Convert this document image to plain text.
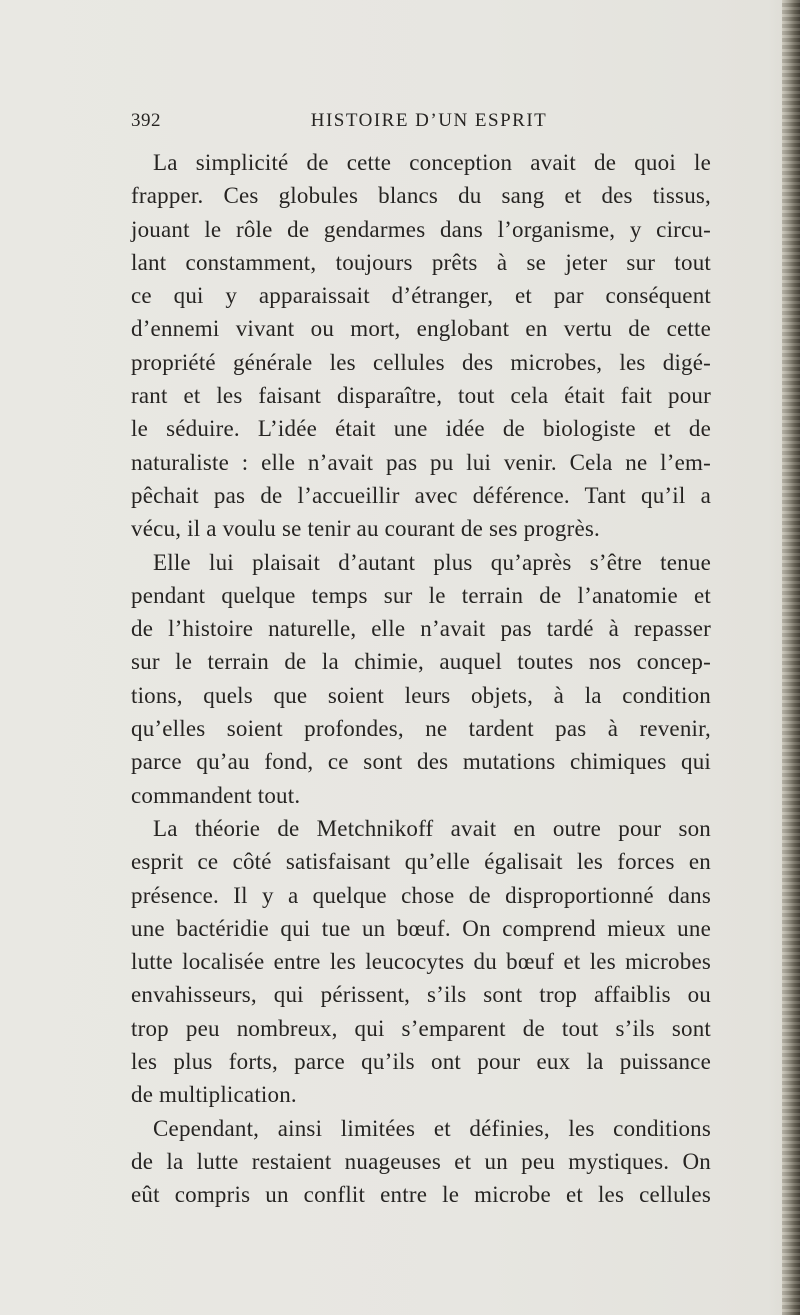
392	HISTOIRE D’UN ESPRIT
La simplicité de cette conception avait de quoi le
frapper. Ces globules blancs du sang et des tissus,
jouant le rôle de gendarmes dans l’organisme, y circu-
lant constamment, toujours prêts à se jeter sur tout
ce qui y apparaissait d’étranger, et par conséquent
d’ennemi vivant ou mort, englobant en vertu de cette
propriété générale les cellules des microbes, les digé-
rant et les faisant disparaître, tout cela était fait pour
le séduire. L’idée était une idée de biologiste et de
naturaliste : elle n’avait pas pu lui venir. Cela ne l’em-
pêchait pas de l’accueillir avec déférence. Tant qu’il a
vécu, il a voulu se tenir au courant de ses progrès.
Elle lui plaisait d’autant plus qu’après s’être tenue
pendant quelque temps sur le terrain de l’anatomie et
de l’histoire naturelle, elle n’avait pas tardé à repasser
sur le terrain de la chimie, auquel toutes nos concep-
tions, quels que soient leurs objets, à la condition
qu’elles soient profondes, ne tardent pas à revenir,
parce qu’au fond, ce sont des mutations chimiques qui
commandent tout.
La théorie de Metchnikoff avait en outre pour son
esprit ce côté satisfaisant qu’elle égalisait les forces en
présence. Il y a quelque chose de disproportionné dans
une bactéridie qui tue un bœuf. On comprend mieux une
lutte localisée entre les leucocytes du bœuf et les microbes
envahisseurs, qui périssent, s’ils sont trop affaiblis ou
trop peu nombreux, qui s’emparent de tout s’ils sont
les plus forts, parce qu’ils ont pour eux la puissance
de multiplication.
Cependant, ainsi limitées et définies, les conditions
de la lutte restaient nuageuses et un peu mystiques. On
eût compris un conflit entre le microbe et les cellules
